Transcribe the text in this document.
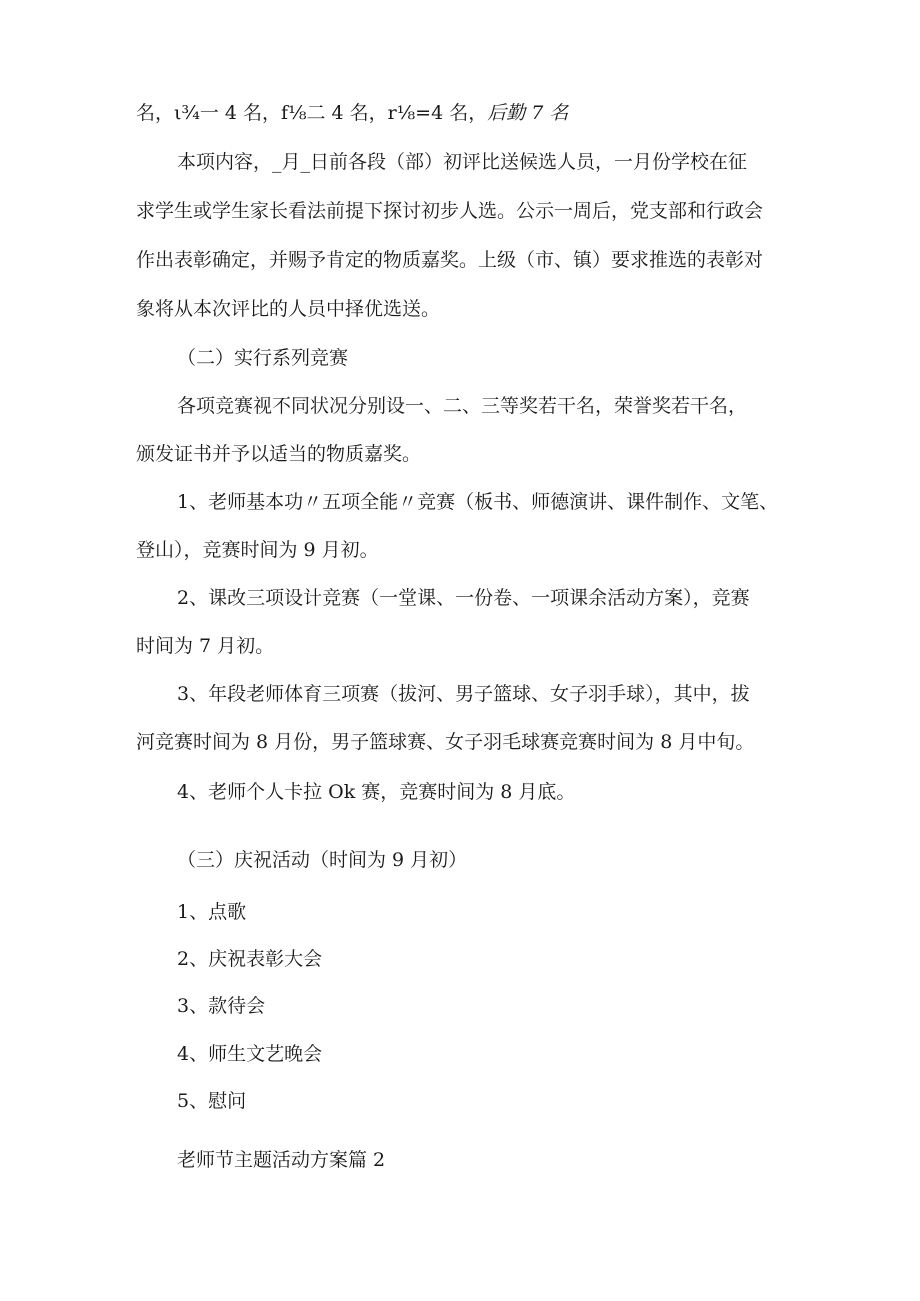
名，ι¾一 4 名，f⅛二 4 名，r⅛=4 名，后勤 7 名
本项内容，_月_日前各段（部）初评比送候选人员，一月份学校在征
求学生或学生家长看法前提下探讨初步人选。公示一周后，党支部和行政会
作出表彰确定，并赐予肯定的物质嘉奖。上级（市、镇）要求推选的表彰对
象将从本次评比的人员中择优选送。
（二）实行系列竞赛
各项竞赛视不同状况分别设一、二、三等奖若干名，荣誉奖若干名，
颁发证书并予以适当的物质嘉奖。
1、老师基本功〃五项全能〃竞赛（板书、师德演讲、课件制作、文笔、
登山），竞赛时间为 9 月初。
2、课改三项设计竞赛（一堂课、一份卷、一项课余活动方案），竞赛
时间为 7 月初。
3、年段老师体育三项赛（拔河、男子篮球、女子羽手球），其中，拔
河竞赛时间为 8 月份，男子篮球赛、女子羽毛球赛竞赛时间为 8 月中旬。
4、老师个人卡拉 Ok 赛，竞赛时间为 8 月底。
（三）庆祝活动（时间为 9 月初）
1、点歌
2、庆祝表彰大会
3、款待会
4、师生文艺晚会
5、慰问
老师节主题活动方案篇 2
